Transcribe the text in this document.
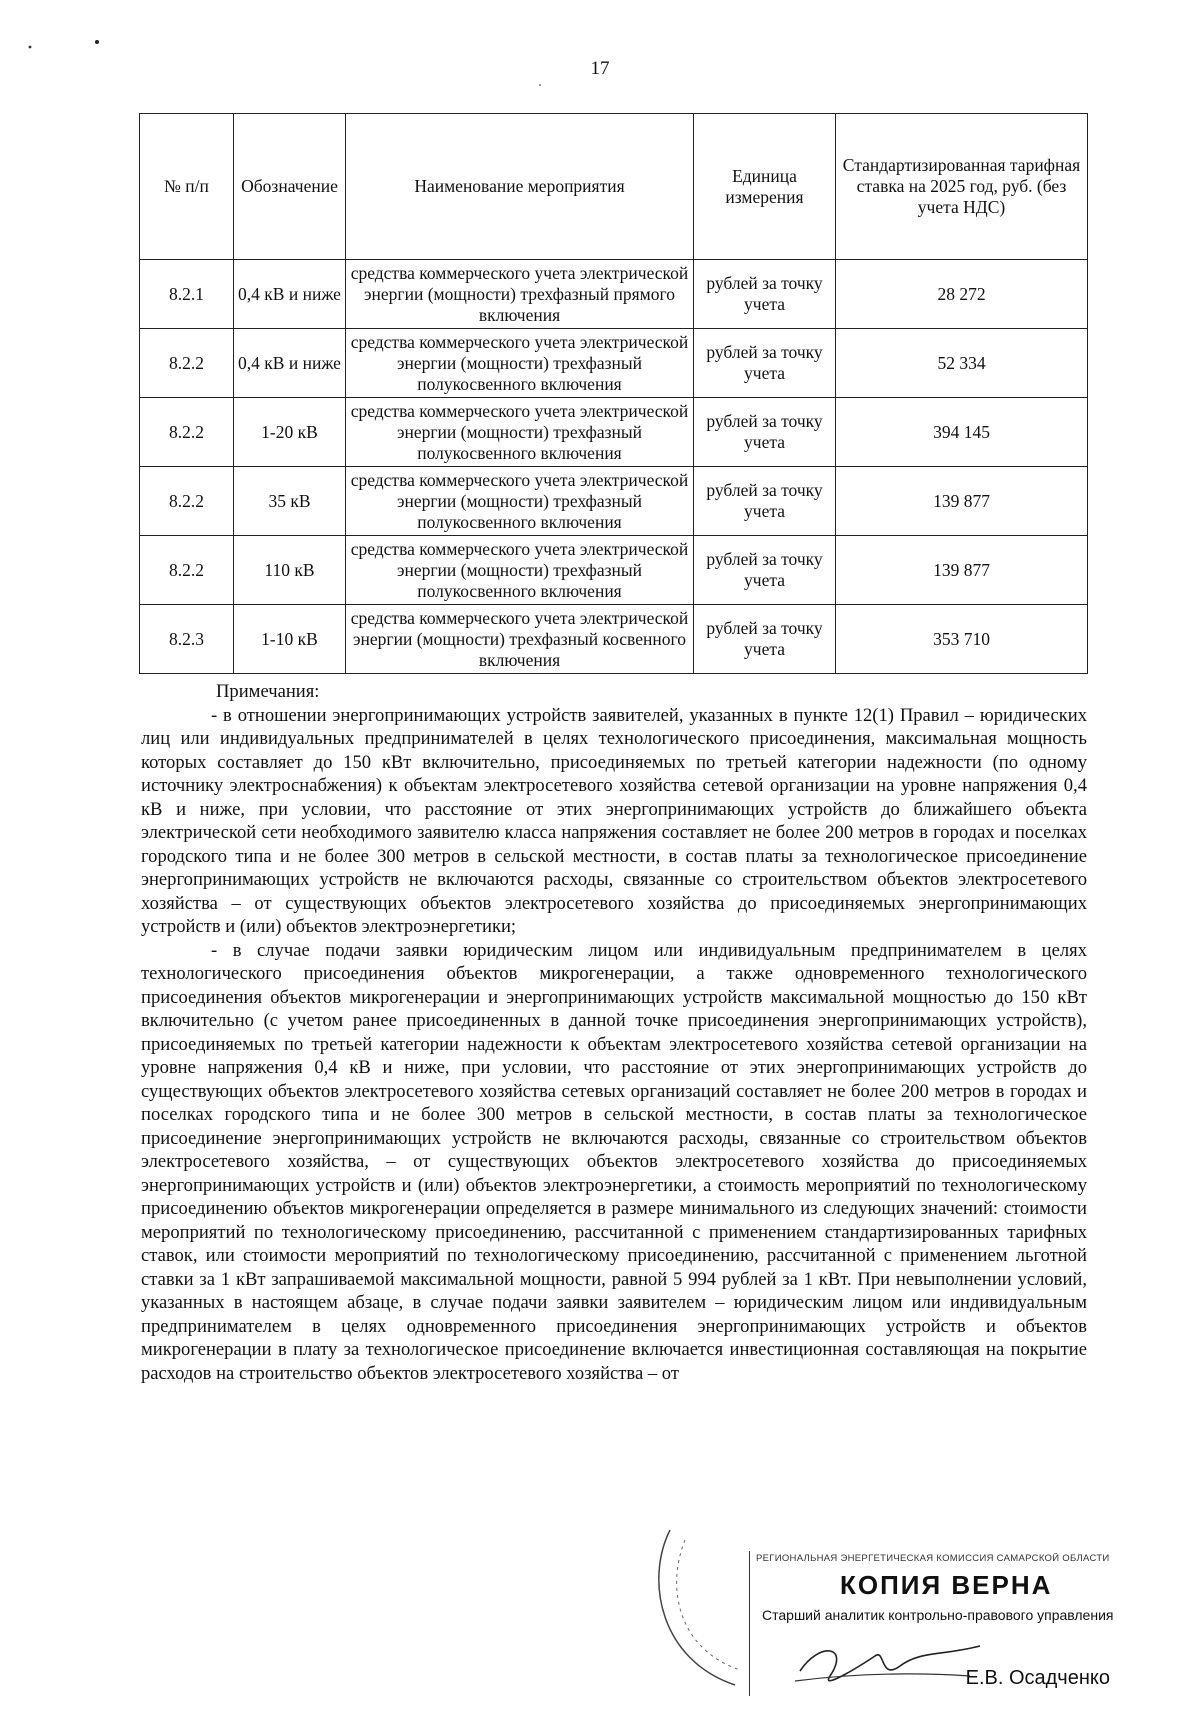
17
№ п/п	Обозначение	Наименование мероприятия	Единица измерения	Стандартизированная тарифная ставка на 2025 год, руб. (без учета НДС)
8.2.1	0,4 кВ и ниже	средства коммерческого учета электрической энергии (мощности) трехфазный прямого включения	рублей за точку учета	28 272
8.2.2	0,4 кВ и ниже	средства коммерческого учета электрической энергии (мощности) трехфазный полукосвенного включения	рублей за точку учета	52 334
8.2.2	1-20 кВ	средства коммерческого учета электрической энергии (мощности) трехфазный полукосвенного включения	рублей за точку учета	394 145
8.2.2	35 кВ	средства коммерческого учета электрической энергии (мощности) трехфазный полукосвенного включения	рублей за точку учета	139 877
8.2.2	110 кВ	средства коммерческого учета электрической энергии (мощности) трехфазный полукосвенного включения	рублей за точку учета	139 877
8.2.3	1-10 кВ	средства коммерческого учета электрической энергии (мощности) трехфазный косвенного включения	рублей за точку учета	353 710

Примечания:

- в отношении энергопринимающих устройств заявителей, указанных в пункте 12(1) Правил – юридических лиц или индивидуальных предпринимателей в целях технологического присоединения, максимальная мощность которых составляет до 150 кВт включительно, присоединяемых по третьей категории надежности (по одному источнику электроснабжения) к объектам электросетевого хозяйства сетевой организации на уровне напряжения 0,4 кВ и ниже, при условии, что расстояние от этих энергопринимающих устройств до ближайшего объекта электрической сети необходимого заявителю класса напряжения составляет не более 200 метров в городах и поселках городского типа и не более 300 метров в сельской местности, в состав платы за технологическое присоединение энергопринимающих устройств не включаются расходы, связанные со строительством объектов электросетевого хозяйства – от существующих объектов электросетевого хозяйства до присоединяемых энергопринимающих устройств и (или) объектов электроэнергетики;

- в случае подачи заявки юридическим лицом или индивидуальным предпринимателем в целях технологического присоединения объектов микрогенерации, а также одновременного технологического присоединения объектов микрогенерации и энергопринимающих устройств максимальной мощностью до 150 кВт включительно (с учетом ранее присоединенных в данной точке присоединения энергопринимающих устройств), присоединяемых по третьей категории надежности к объектам электросетевого хозяйства сетевой организации на уровне напряжения 0,4 кВ и ниже, при условии, что расстояние от этих энергопринимающих устройств до существующих объектов электросетевого хозяйства сетевых организаций составляет не более 200 метров в городах и поселках городского типа и не более 300 метров в сельской местности, в состав платы за технологическое присоединение энергопринимающих устройств не включаются расходы, связанные со строительством объектов электросетевого хозяйства, – от существующих объектов электросетевого хозяйства до присоединяемых энергопринимающих устройств и (или) объектов электроэнергетики, а стоимость мероприятий по технологическому присоединению объектов микрогенерации определяется в размере минимального из следующих значений: стоимости мероприятий по технологическому присоединению, рассчитанной с применением стандартизированных тарифных ставок, или стоимости мероприятий по технологическому присоединению, рассчитанной с применением льготной ставки за 1 кВт запрашиваемой максимальной мощности, равной 5 994 рублей за 1 кВт. При невыполнении условий, указанных в настоящем абзаце, в случае подачи заявки заявителем – юридическим лицом или индивидуальным предпринимателем в целях одновременного присоединения энергопринимающих устройств и объектов микрогенерации в плату за технологическое присоединение включается инвестиционная составляющая на покрытие расходов на строительство объектов электросетевого хозяйства – от

РЕГИОНАЛЬНАЯ ЭНЕРГЕТИЧЕСКАЯ КОМИССИЯ САМАРСКОЙ ОБЛАСТИ
КОПИЯ ВЕРНА
Старший аналитик контрольно-правового управления
Е.В. Осадченко
